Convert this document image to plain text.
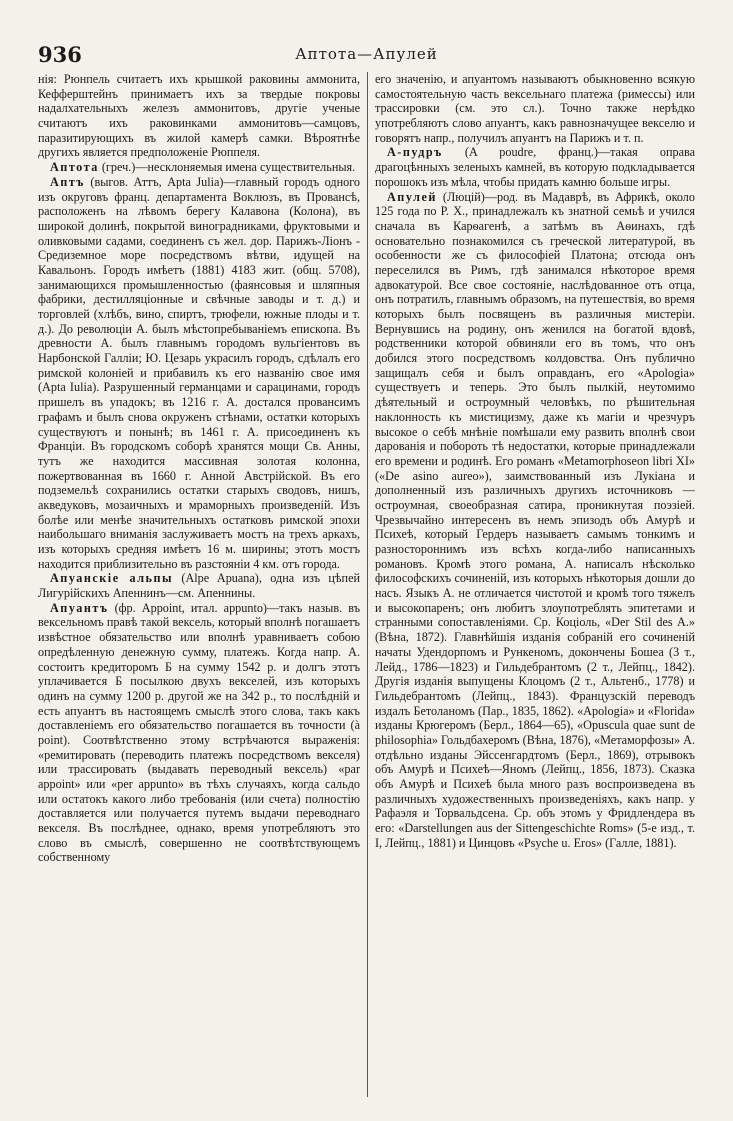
936	Аптота—Апулей

нія: Рюнпель считаетъ ихъ крышкой раковины аммонита, Кефферштейнъ принимаетъ ихъ за твердые покровы надалхательныхъ железъ аммонитовъ, другіе ученые считаютъ ихъ раковинками аммонитовъ—самцовъ, паразитирующихъ въ жилой камерѣ самки. Вѣроятнѣе другихъ является предположеніе Рюппеля.

Аптота (греч.)—несклоняемыя имена существительныя.

Аптъ (выгов. Аттъ, Apta Julia)—главный городъ одного изъ округовъ франц. департамента Воклюзъ, въ Провансѣ, расположенъ на лѣвомъ берегу Калавона (Колона), въ широкой долинѣ, покрытой виноградниками, фруктовыми и оливковыми садами, соединенъ съ жел. дор. Парижъ-Ліонъ - Средиземное море посредствомъ вѣтви, идущей на Кавальонъ. Городъ имѣетъ (1881) 4183 жит. (общ. 5708), занимающихся промышленностью (фаянсовыя и шляпныя фабрики, дестилляціонные и свѣчные заводы и т. д.) и торговлей (хлѣбъ, вино, спиртъ, трюфели, южные плоды и т. д.). До революціи А. былъ мѣстопребываніемъ епископа. Въ древности А. былъ главнымъ городомъ вульгіентовъ въ Нарбонской Галліи; Ю. Цезарь украсилъ городъ, сдѣлалъ его римской колоніей и прибавилъ къ его названію свое имя (Apta Iulia). Разрушенный германцами и сарацинами, городъ пришелъ въ упадокъ; въ 1216 г. А. достался провансимъ графамъ и былъ снова окруженъ стѣнами, остатки которыхъ существуютъ и понынѣ; въ 1461 г. А. присоединенъ къ Франціи. Въ городскомъ соборѣ хранятся мощи Св. Анны, тутъ же находится массивная золотая колонна, пожертвованная въ 1660 г. Анной Австрійской. Въ его подземельѣ сохранились остатки старыхъ сводовъ, нишъ, акведуковъ, мозаичныхъ и мраморныхъ произведеній. Изъ болѣе или менѣе значительныхъ остатковъ римской эпохи наибольшаго вниманія заслуживаетъ мостъ на трехъ аркахъ, изъ которыхъ средняя имѣетъ 16 м. ширины; этотъ мостъ находится приблизительно въ разстояніи 4 км. отъ города.

Апуанскіе альпы (Alpe Apuana), одна изъ цѣпей Лигурійскихъ Апеннинъ—см. Апеннины.

Апуантъ (фр. Appoint, итал. appunto)—такъ назыв. въ вексельномъ правѣ такой вексель, который вполнѣ погашаетъ извѣстное обязательство или вполнѣ уравниваетъ собою опредѣленную денежную сумму, платежъ. Когда напр. А. состоитъ кредиторомъ Б на сумму 1542 р. и долгъ этотъ уплачивается Б посылкою двухъ векселей, изъ которыхъ одинъ на сумму 1200 р. другой же на 342 р., то послѣдній и есть апуантъ въ настоящемъ смыслѣ этого слова, такъ какъ доставленіемъ его обязательство погашается въ точности (à point). Соотвѣтственно этому встрѣчаются выраженія: «ремитировать (переводить платежъ посредствомъ векселя) или трассировать (выдавать переводный вексель) «par appoint» или «per appunto» въ тѣхъ случаяхъ, когда сальдо или остатокъ какого либо требованія (или счета) полностію доставляется или получается путемъ выдачи переводнаго векселя. Въ послѣднее, однако, время употребляютъ это слово въ смыслѣ, совершенно не соотвѣтствующемъ собственному

его значенію, и апуантомъ называютъ обыкновенно всякую самостоятельную часть вексельнаго платежа (римессы) или трассировки (см. это сл.). Точно также нерѣдко употребляютъ слово апуантъ, какъ равнозначущее векселю и говорятъ напр., получилъ апуантъ на Парижъ и т. п.

А-пудръ (A poudre, франц.)—такая оправа драгоцѣнныхъ зеленыхъ камней, въ которую подкладывается порошокъ изъ мѣла, чтобы придать камню больше игры.

Апулей (Люцій)—род. въ Мадаврѣ, въ Африкѣ, около 125 года по Р. Х., принадлежалъ къ знатной семьѣ и учился сначала въ Карѳагенѣ, а затѣмъ въ Аѳинахъ, гдѣ основательно познакомился съ греческой литературой, въ особенности же съ философіей Платона; отсюда онъ переселился въ Римъ, гдѣ занимался нѣкоторое время адвокатурой. Все свое состояніе, наслѣдованное отъ отца, онъ потратилъ, главнымъ образомъ, на путешествія, во время которыхъ былъ посвященъ въ различныя мистеріи. Вернувшись на родину, онъ женился на богатой вдовѣ, родственники которой обвиняли его въ томъ, что онъ добился этого посредствомъ колдовства. Онъ публично защищалъ себя и былъ оправданъ, его «Apologia» существуетъ и теперь. Это былъ пылкій, неутомимо дѣятельный и остроумный человѣкъ, по рѣшительная наклонность къ мистицизму, даже къ магіи и чрезчуръ высокое о себѣ мнѣніе помѣшали ему развить вполнѣ свои дарованія и побороть тѣ недостатки, которые принадлежали его времени и родинѣ. Его романъ «Metamorphoseon libri XI» («De asino aureo»), заимствованный изъ Лукіана и дополненный изъ различныхъ другихъ источниковъ — остроумная, своеобразная сатира, проникнутая поэзіей. Чрезвычайно интересенъ въ немъ эпизодъ объ Амурѣ и Психеѣ, который Гердеръ называетъ самымъ тонкимъ и разностороннимъ изъ всѣхъ когда-либо написанныхъ романовъ. Кромѣ этого романа, А. написалъ нѣсколько философскихъ сочиненій, изъ которыхъ нѣкоторыя дошли до насъ. Языкъ А. не отличается чистотой и кромѣ того тяжелъ и высокопаренъ; онъ любитъ злоупотреблять эпитетами и странными сопоставленіями. Ср. Коціоль, «Der Stil des A.» (Вѣна, 1872). Главнѣйшія изданія собраній его сочиненій начаты Удендорпомъ и Рункеномъ, докончены Бошеа (3 т., Лейд., 1786—1823) и Гильдебрантомъ (2 т., Лейпц., 1842). Другія изданія выпущены Клоцомъ (2 т., Альтенб., 1778) и Гильдебрантомъ (Лейпц., 1843). Французскій переводъ издалъ Бетоланомъ (Пар., 1835, 1862). «Apologia» и «Florida» изданы Крюгеромъ (Берл., 1864—65), «Opuscula quae sunt de philosophia» Гольдбахеромъ (Вѣна, 1876), «Метаморфозы» А. отдѣльно изданы Эйссенгардтомъ (Берл., 1869), отрывокъ объ Амурѣ и Психеѣ—Яномъ (Лейпц., 1856, 1873). Сказка объ Амурѣ и Психеѣ была много разъ воспроизведена въ различныхъ художественныхъ произведеніяхъ, какъ напр. у Рафаэля и Торвальдсена. Ср. объ этомъ у Фридлендера въ его: «Darstellungen aus der Sittengeschichte Roms» (5-е изд., т. I, Лейпц., 1881) и Цинцовъ «Psyche u. Eros» (Галле, 1881).
